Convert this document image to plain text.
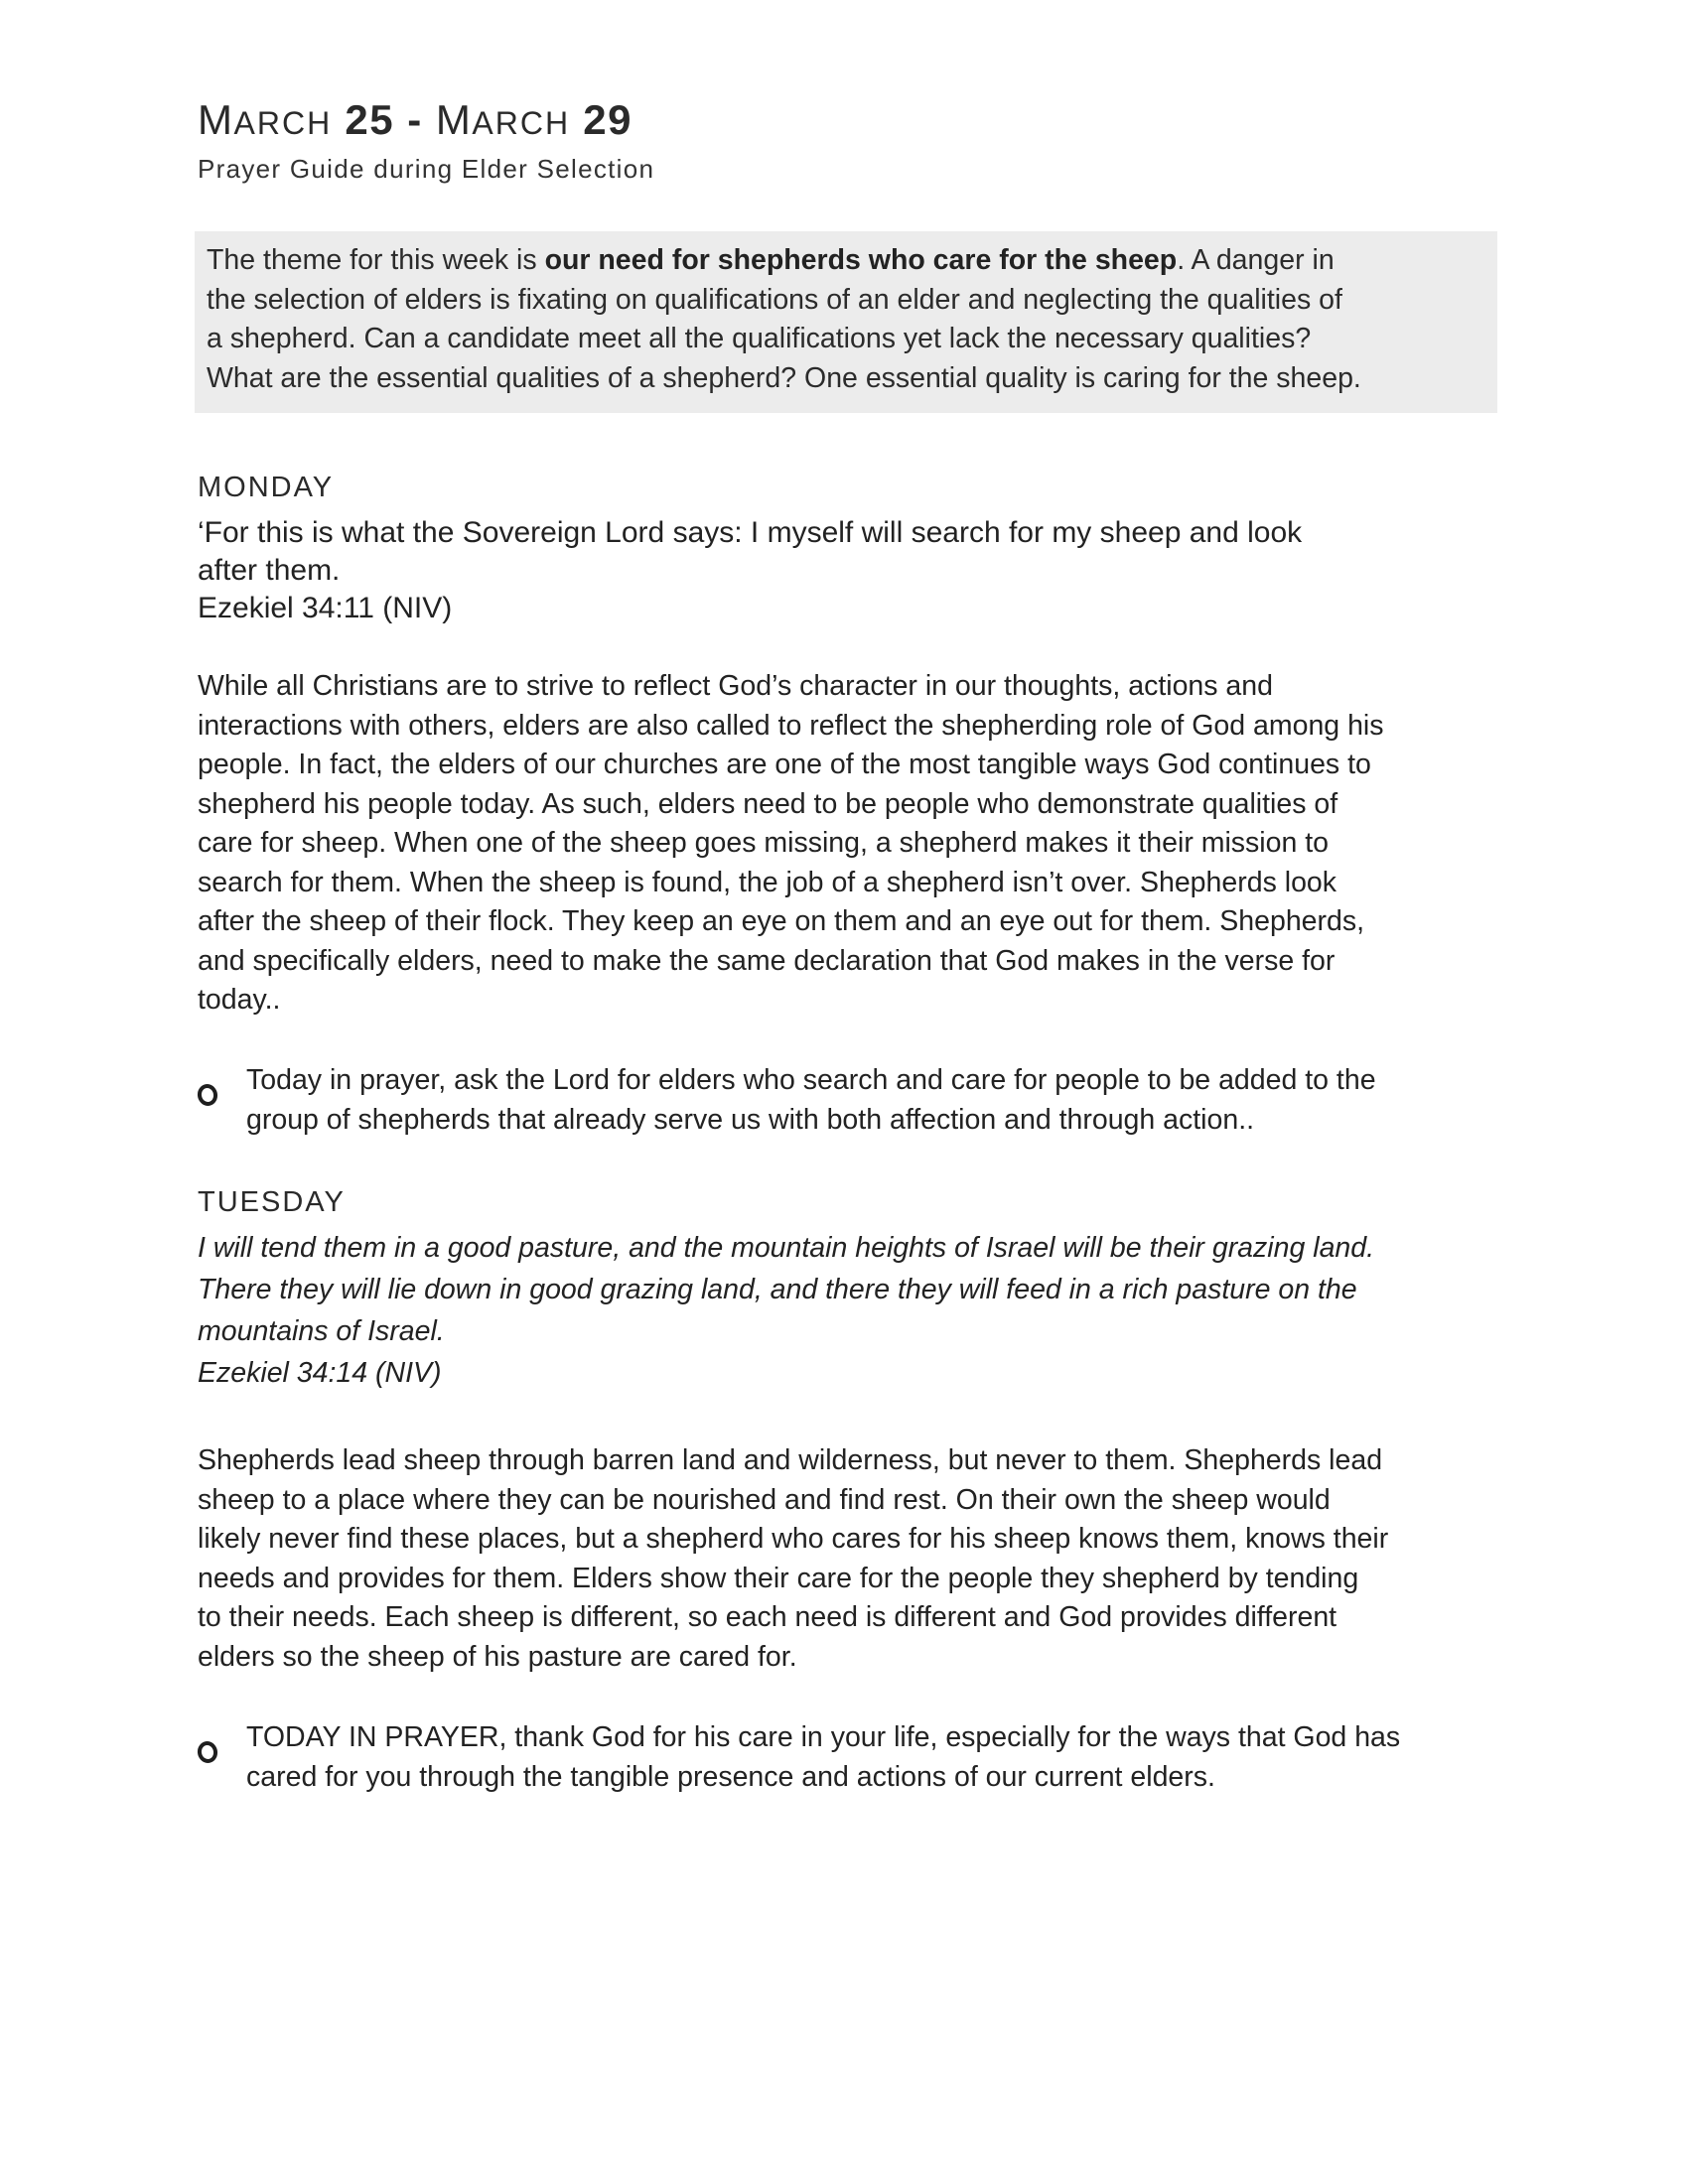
MARCH 25 - MARCH 29
Prayer Guide during Elder Selection
The theme for this week is our need for shepherds who care for the sheep. A danger in
the selection of elders is fixating on qualifications of an elder and neglecting the qualities of
a shepherd. Can a candidate meet all the qualifications yet lack the necessary qualities?
What are the essential qualities of a shepherd? One essential quality is caring for the sheep.
MONDAY
‘For this is what the Sovereign Lord says: I myself will search for my sheep and look
after them.
Ezekiel 34:11 (NIV)
While all Christians are to strive to reflect God’s character in our thoughts, actions and
interactions with others, elders are also called to reflect the shepherding role of God among his
people. In fact, the elders of our churches are one of the most tangible ways God continues to
shepherd his people today. As such, elders need to be people who demonstrate qualities of
care for sheep. When one of the sheep goes missing, a shepherd makes it their mission to
search for them. When the sheep is found, the job of a shepherd isn’t over. Shepherds look
after the sheep of their flock. They keep an eye on them and an eye out for them. Shepherds,
and specifically elders, need to make the same declaration that God makes in the verse for
today..
Today in prayer, ask the Lord for elders who search and care for people to be added to the
group of shepherds that already serve us with both affection and through action..
TUESDAY
I will tend them in a good pasture, and the mountain heights of Israel will be their grazing land.
There they will lie down in good grazing land, and there they will feed in a rich pasture on the
mountains of Israel.
Ezekiel 34:14 (NIV)
Shepherds lead sheep through barren land and wilderness, but never to them. Shepherds lead
sheep to a place where they can be nourished and find rest. On their own the sheep would
likely never find these places, but a shepherd who cares for his sheep knows them, knows their
needs and provides for them. Elders show their care for the people they shepherd by tending
to their needs. Each sheep is different, so each need is different and God provides different
elders so the sheep of his pasture are cared for.
TODAY IN PRAYER, thank God for his care in your life, especially for the ways that God has
cared for you through the tangible presence and actions of our current elders.
